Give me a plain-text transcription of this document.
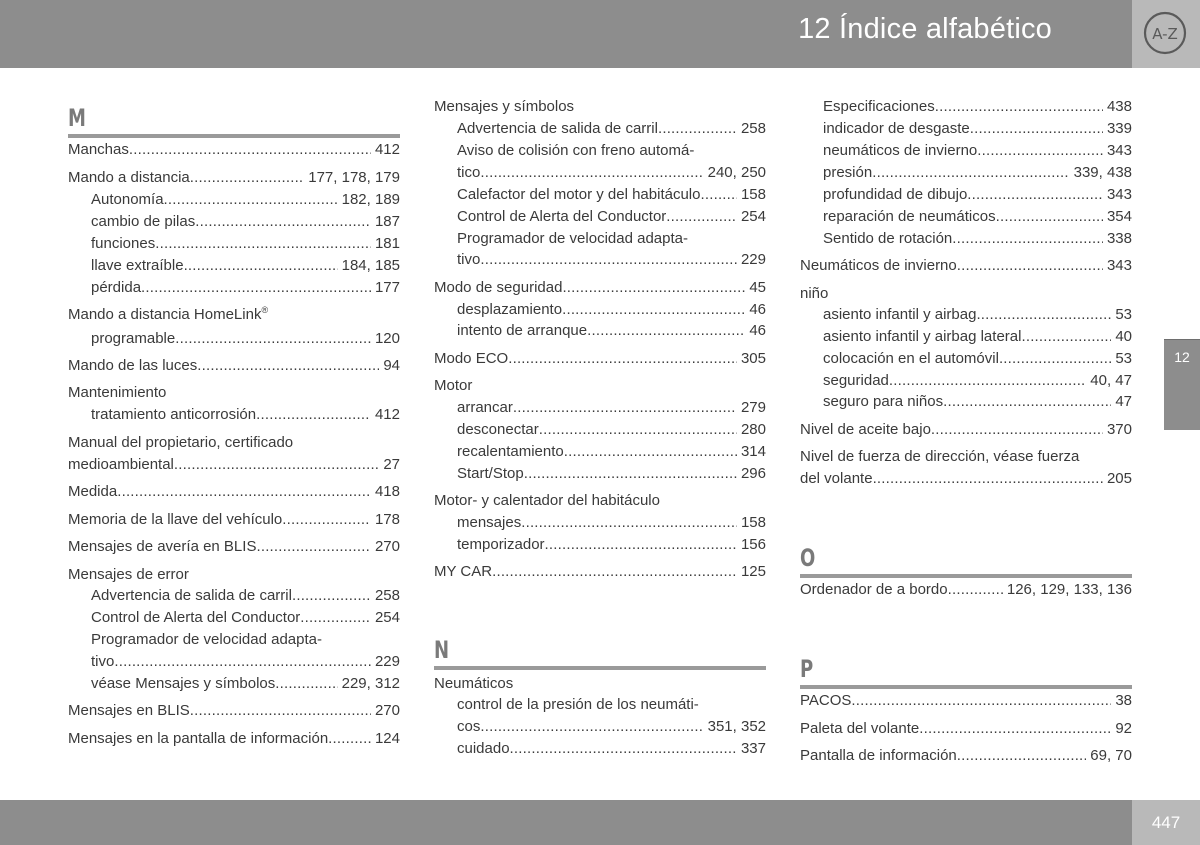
12 Índice alfabético	A-Z
12
M
Manchas .....	412
Mando a distancia .....	177, 178, 179
Autonomía .....	182, 189
cambio de pilas .....	187
funciones .....	181
llave extraíble .....	184, 185
pérdida .....	177
Mando a distancia HomeLink®
programable .....	120
Mando de las luces .....	94
Mantenimiento
tratamiento anticorrosión .....	412
Manual del propietario, certificado
medioambiental .....	27
Medida .....	418
Memoria de la llave del vehículo .....	178
Mensajes de avería en BLIS .....	270
Mensajes de error
Advertencia de salida de carril .....	258
Control de Alerta del Conductor .....	254
Programador de velocidad adapta-
tivo .....	229
véase Mensajes y símbolos .....	229, 312
Mensajes en BLIS .....	270
Mensajes en la pantalla de información .....	124
Mensajes y símbolos
Advertencia de salida de carril .....	258
Aviso de colisión con freno automá-
tico .....	240, 250
Calefactor del motor y del habitáculo .....	158
Control de Alerta del Conductor .....	254
Programador de velocidad adapta-
tivo .....	229
Modo de seguridad .....	45
desplazamiento .....	46
intento de arranque .....	46
Modo ECO .....	305
Motor
arrancar .....	279
desconectar .....	280
recalentamiento .....	314
Start/Stop .....	296
Motor- y calentador del habitáculo
mensajes .....	158
temporizador .....	156
MY CAR .....	125
N
Neumáticos
control de la presión de los neumáti-
cos .....	351, 352
cuidado .....	337
Especificaciones .....	438
indicador de desgaste .....	339
neumáticos de invierno .....	343
presión .....	339, 438
profundidad de dibujo .....	343
reparación de neumáticos .....	354
Sentido de rotación .....	338
Neumáticos de invierno .....	343
niño
asiento infantil y airbag .....	53
asiento infantil y airbag lateral .....	40
colocación en el automóvil .....	53
seguridad .....	40, 47
seguro para niños .....	47
Nivel de aceite bajo .....	370
Nivel de fuerza de dirección, véase fuerza
del volante .....	205
O
Ordenador de a bordo .....	126, 129, 133, 136
P
PACOS .....	38
Paleta del volante .....	92
Pantalla de información .....	69, 70
447
